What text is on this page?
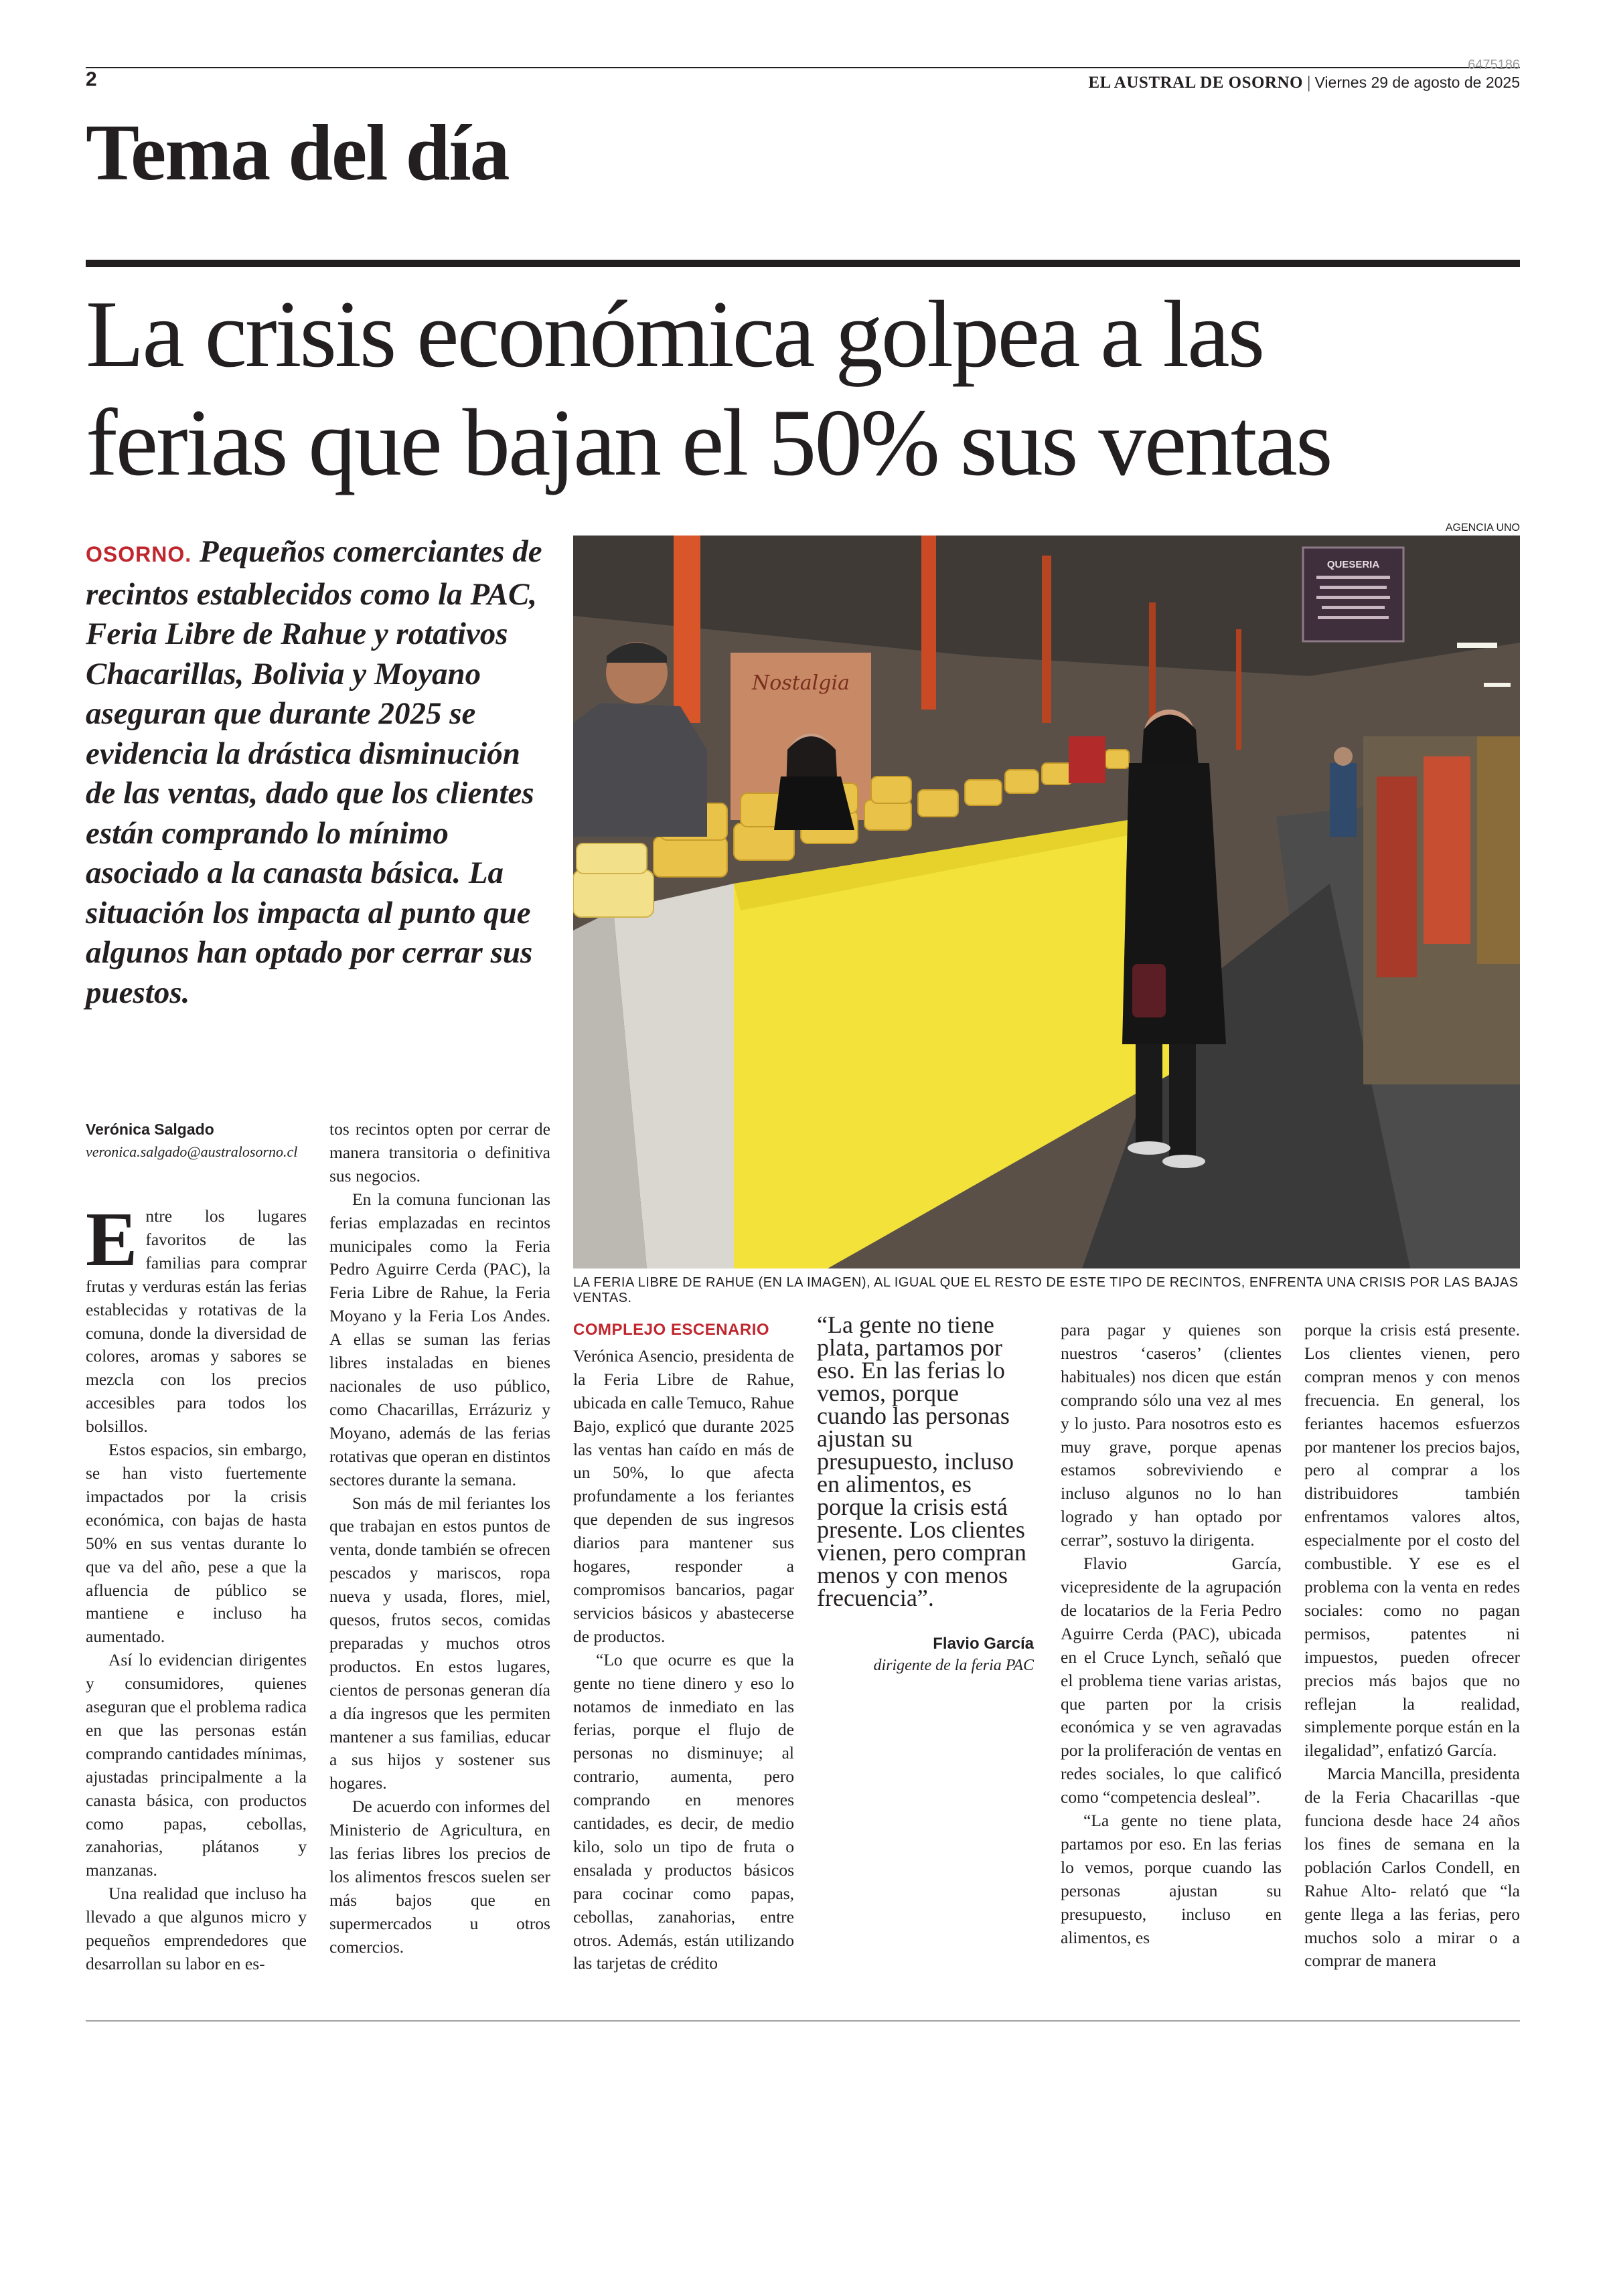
2
6475186
EL AUSTRAL DE OSORNO | Viernes 29 de agosto de 2025
Tema del día
La crisis económica golpea a las
ferias que bajan el 50% sus ventas

OSORNO. Pequeños comerciantes de recintos establecidos como la PAC, Feria Libre de Rahue y rotativos Chacarillas, Bolivia y Moyano aseguran que durante 2025 se evidencia la drástica disminución de las ventas, dado que los clientes están comprando lo mínimo asociado a la canasta básica. La situación los impacta al punto que algunos han optado por cerrar sus puestos.

AGENCIA UNO
QUESERIA
Nostalgia
LA FERIA LIBRE DE RAHUE (EN LA IMAGEN), AL IGUAL QUE EL RESTO DE ESTE TIPO DE RECINTOS, ENFRENTA UNA CRISIS POR LAS BAJAS VENTAS.
Verónica Salgado
veronica.salgado@australosorno.cl

Entre los lugares favoritos de las familias para comprar frutas y verduras están las ferias establecidas y rotativas de la comuna, donde la diversidad de colores, aromas y sabores se mezcla con los precios accesibles para todos los bolsillos.

Estos espacios, sin embargo, se han visto fuertemente impactados por la crisis económica, con bajas de hasta 50% en sus ventas durante lo que va del año, pese a que la afluencia de público se mantiene e incluso ha aumentado.

Así lo evidencian dirigentes y consumidores, quienes aseguran que el problema radica en que las personas están comprando cantidades mínimas, ajustadas principalmente a la canasta básica, con productos como papas, cebollas, zanahorias, plátanos y manzanas.

Una realidad que incluso ha llevado a que algunos micro y pequeños emprendedores que desarrollan su labor en es-

tos recintos opten por cerrar de manera transitoria o definitiva sus negocios.

En la comuna funcionan las ferias emplazadas en recintos municipales como la Feria Pedro Aguirre Cerda (PAC), la Feria Libre de Rahue, la Feria Moyano y la Feria Los Andes. A ellas se suman las ferias libres instaladas en bienes nacionales de uso público, como Chacarillas, Errázuriz y Moyano, además de las ferias rotativas que operan en distintos sectores durante la semana.

Son más de mil feriantes los que trabajan en estos puntos de venta, donde también se ofrecen pescados y mariscos, ropa nueva y usada, flores, miel, quesos, frutos secos, comidas preparadas y muchos otros productos. En estos lugares, cientos de personas generan día a día ingresos que les permiten mantener a sus familias, educar a sus hijos y sostener sus hogares.

De acuerdo con informes del Ministerio de Agricultura, en las ferias libres los precios de los alimentos frescos suelen ser más bajos que en supermercados u otros comercios.

COMPLEJO ESCENARIO

Verónica Asencio, presidenta de la Feria Libre de Rahue, ubicada en calle Temuco, Rahue Bajo, explicó que durante 2025 las ventas han caído en más de un 50%, lo que afecta profundamente a los feriantes que dependen de sus ingresos diarios para mantener sus hogares, responder a compromisos bancarios, pagar servicios básicos y abastecerse de productos.

“Lo que ocurre es que la gente no tiene dinero y eso lo notamos de inmediato en las ferias, porque el flujo de personas no disminuye; al contrario, aumenta, pero comprando en menores cantidades, es decir, de medio kilo, solo un tipo de fruta o ensalada y productos básicos para cocinar como papas, cebollas, zanahorias, entre otros. Además, están utilizando las tarjetas de crédito

“La gente no tiene plata, partamos por eso. En las ferias lo vemos, porque cuando las personas ajustan su presupuesto, incluso en alimentos, es porque la crisis está presente. Los clientes vienen, pero compran menos y con menos frecuencia”.

Flavio García
dirigente de la feria PAC

para pagar y quienes son nuestros ‘caseros’ (clientes habituales) nos dicen que están comprando sólo una vez al mes y lo justo. Para nosotros esto es muy grave, porque apenas estamos sobreviviendo e incluso algunos no lo han logrado y han optado por cerrar”, sostuvo la dirigenta.

Flavio García, vicepresidente de la agrupación de locatarios de la Feria Pedro Aguirre Cerda (PAC), ubicada en el Cruce Lynch, señaló que el problema tiene varias aristas, que parten por la crisis económica y se ven agravadas por la proliferación de ventas en redes sociales, lo que calificó como “competencia desleal”.

“La gente no tiene plata, partamos por eso. En las ferias lo vemos, porque cuando las personas ajustan su presupuesto, incluso en alimentos, es

porque la crisis está presente. Los clientes vienen, pero compran menos y con menos frecuencia. En general, los feriantes hacemos esfuerzos por mantener los precios bajos, pero al comprar a los distribuidores también enfrentamos valores altos, especialmente por el costo del combustible. Y ese es el problema con la venta en redes sociales: como no pagan permisos, patentes ni impuestos, pueden ofrecer precios más bajos que no reflejan la realidad, simplemente porque están en la ilegalidad”, enfatizó García.

Marcia Mancilla, presidenta de la Feria Chacarillas -que funciona desde hace 24 años los fines de semana en la población Carlos Condell, en Rahue Alto- relató que “la gente llega a las ferias, pero muchos solo a mirar o a comprar de manera
